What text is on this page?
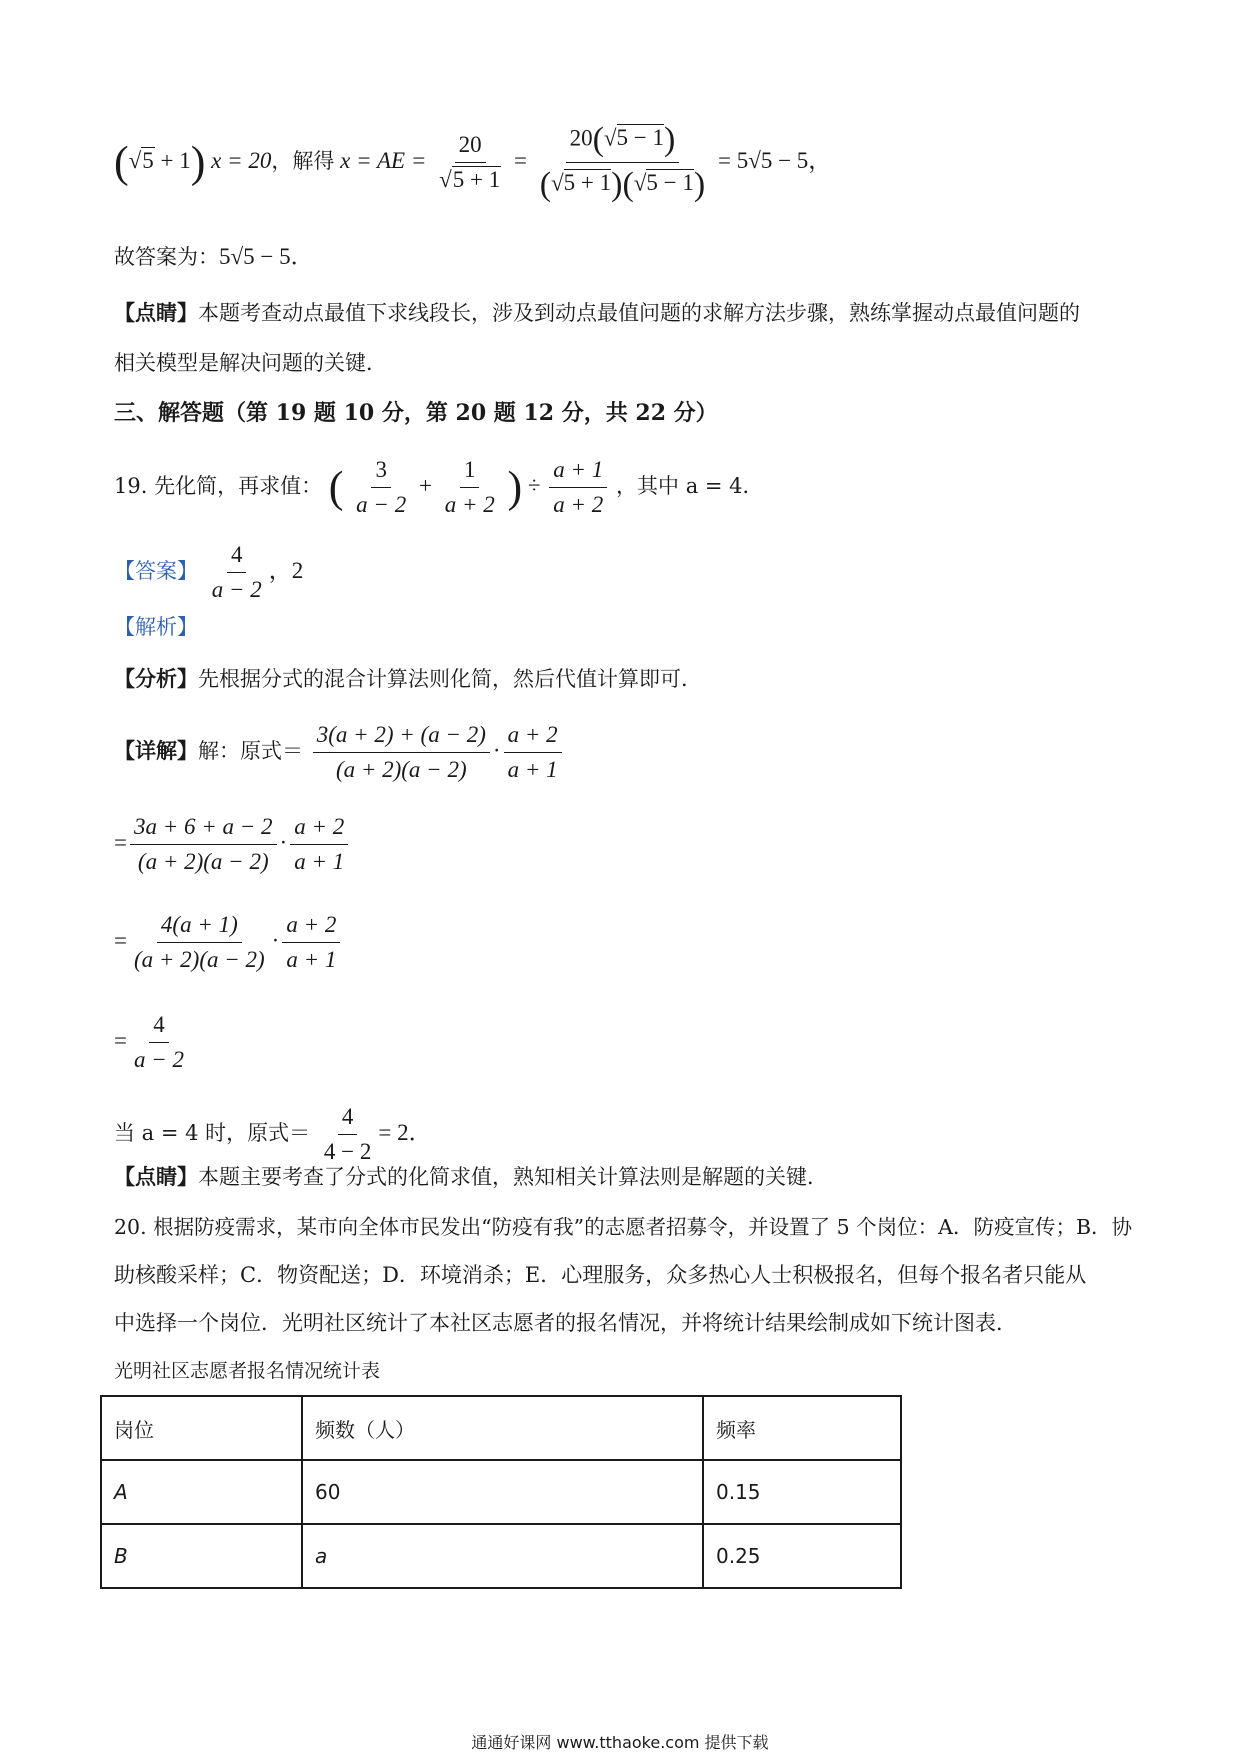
(√5 + 1) x = 20，解得 x = AE = $\frac{20}{√5 + 1} = \frac{20(√5 - 1)}{(√5 + 1)(√5 - 1)} = 5√5 - 5$，
故答案为：5√5 − 5．
【点睛】本题考查动点最值下求线段长，涉及到动点最值问题的求解方法步骤，熟练掌握动点最值问题的
相关模型是解决问题的关键．
三、解答题（第 19 题 10 分，第 20 题 12 分，共 22 分）
19. 先化简，再求值： ( $\frac{3}{a - 2} + \frac{1}{a + 2}$ ) ÷ $\frac{a + 1}{a + 2}$ ，其中 a = 4．
【答案】 $\frac{4}{a - 2}$ ，2
【解析】
【分析】先根据分式的混合计算法则化简，然后代值计算即可．
【详解】解：原式＝ $\frac{3(a + 2) + (a - 2)}{(a + 2)(a - 2)} \cdot \frac{a + 2}{a + 1}$
= $\frac{3a + 6 + a - 2}{(a + 2)(a - 2)} \cdot \frac{a + 2}{a + 1}$
= $\frac{4(a + 1)}{(a + 2)(a - 2)} \cdot \frac{a + 2}{a + 1}$
= $\frac{4}{a - 2}$
当 a = 4 时，原式＝ $\frac{4}{4 - 2} = 2$．
【点睛】本题主要考查了分式的化简求值，熟知相关计算法则是解题的关键．
20. 根据防疫需求，某市向全体市民发出“防疫有我”的志愿者招募令，并设置了 5 个岗位：A．防疫宣传；B．协
助核酸采样；C．物资配送；D．环境消杀；E．心理服务，众多热心人士积极报名，但每个报名者只能从
中选择一个岗位．光明社区统计了本社区志愿者的报名情况，并将统计结果绘制成如下统计图表．
光明社区志愿者报名情况统计表
岗位	频数（人）	频率
A	60	0.15
B	a	0.25
通通好课网 www.tthaoke.com 提供下载
